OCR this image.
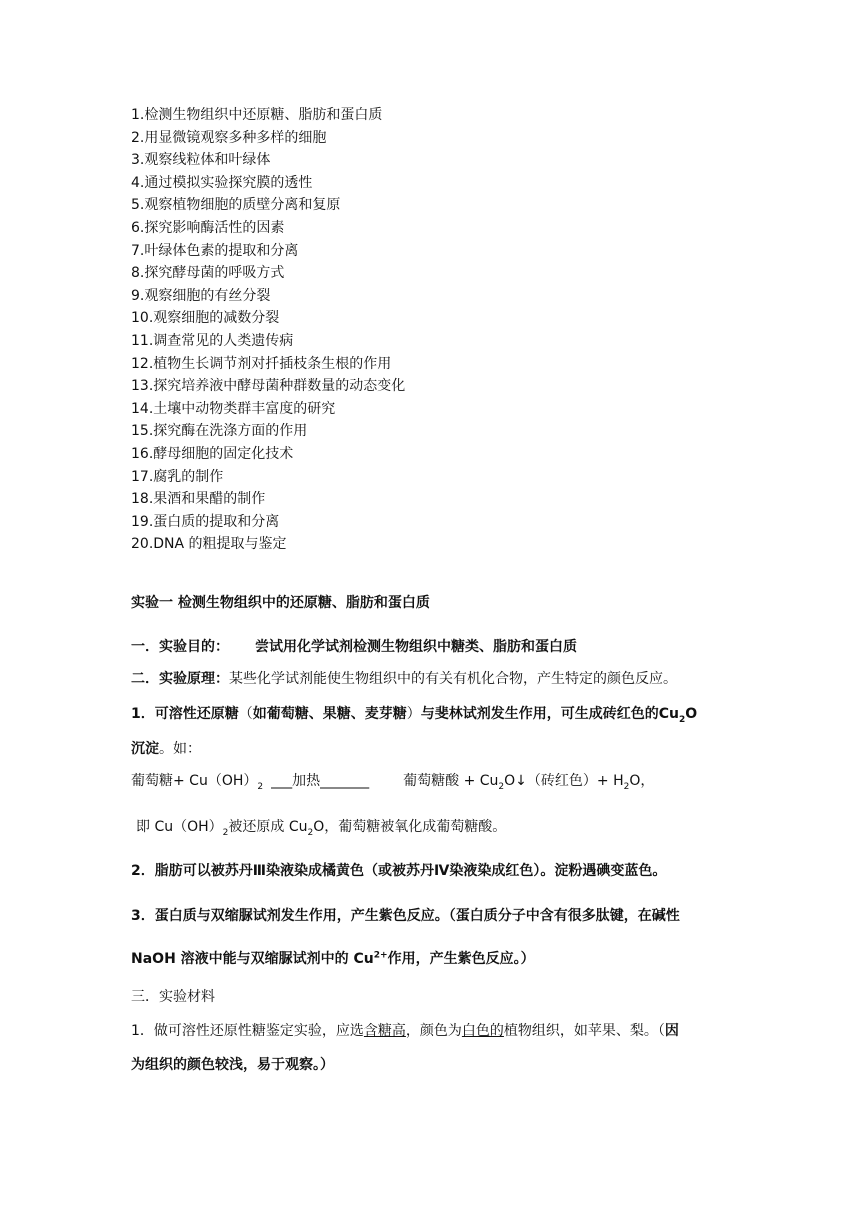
1.检测生物组织中还原糖、脂肪和蛋白质
2.用显微镜观察多种多样的细胞
3.观察线粒体和叶绿体
4.通过模拟实验探究膜的透性
5.观察植物细胞的质壁分离和复原
6.探究影响酶活性的因素
7.叶绿体色素的提取和分离
8.探究酵母菌的呼吸方式
9.观察细胞的有丝分裂
10.观察细胞的减数分裂
11.调查常见的人类遗传病
12.植物生长调节剂对扦插枝条生根的作用
13.探究培养液中酵母菌种群数量的动态变化
14.土壤中动物类群丰富度的研究
15.探究酶在洗涤方面的作用
16.酵母细胞的固定化技术
17.腐乳的制作
18.果酒和果醋的制作
19.蛋白质的提取和分离
20.DNA 的粗提取与鉴定
实验一 检测生物组织中的还原糖、脂肪和蛋白质
一．实验目的： 尝试用化学试剂检测生物组织中糖类、脂肪和蛋白质
二．实验原理：某些化学试剂能使生物组织中的有关有机化合物，产生特定的颜色反应。
1．可溶性还原糖（如葡萄糖、果糖、麦芽糖）与斐林试剂发生作用，可生成砖红色的$Cu_2O$
沉淀。如：
葡萄糖+ $Cu(OH)_2$ ___加热_______ 葡萄糖酸 + $Cu_2O↓$（砖红色）+ $H_2O$，
即 $Cu(OH)_2$被还原成 $Cu_2O$，葡萄糖被氧化成葡萄糖酸。
2．脂肪可以被苏丹Ⅲ染液染成橘黄色（或被苏丹Ⅳ染液染成红色）。淀粉遇碘变蓝色。
3．蛋白质与双缩脲试剂发生作用，产生紫色反应。（蛋白质分子中含有很多肽键，在碱性
NaOH 溶液中能与双缩脲试剂中的 $Cu^{2+}$作用，产生紫色反应。）
三．实验材料
1．做可溶性还原性糖鉴定实验，应选含糖高，颜色为白色的植物组织，如苹果、梨。（因
为组织的颜色较浅，易于观察。）
